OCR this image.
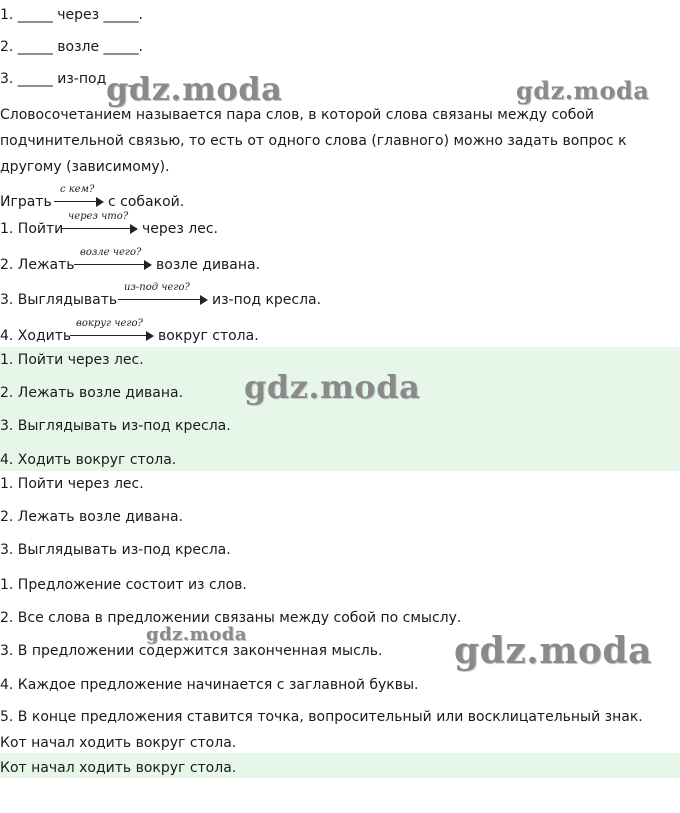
1. _____ через _____.
2. _____ возле _____.
3. _____ из-под _____.
Словосочетанием называется пара слов, в которой слова связаны между собой
подчинительной связью, то есть от одного слова (главного) можно задать вопрос к
другому (зависимому).
Играть
с кем?
с собакой.
1. Пойти
через что?
через лес.
2. Лежать
возле чего?
возле дивана.
3. Выглядывать
из-под чего?
из-под кресла.
4. Ходить
вокруг чего?
вокруг стола.
1. Пойти через лес.
2. Лежать возле дивана.
3. Выглядывать из-под кресла.
4. Ходить вокруг стола.
1. Пойти через лес.
2. Лежать возле дивана.
3. Выглядывать из-под кресла.
1. Предложение состоит из слов.
2. Все слова в предложении связаны между собой по смыслу.
3. В предложении содержится законченная мысль.
4. Каждое предложение начинается с заглавной буквы.
5. В конце предложения ставится точка, вопросительный или восклицательный знак.
Кот начал ходить вокруг стола.
Кот начал ходить вокруг стола.
gdz.moda	gdz.moda
gdz.moda
gdz.moda	gdz.moda
